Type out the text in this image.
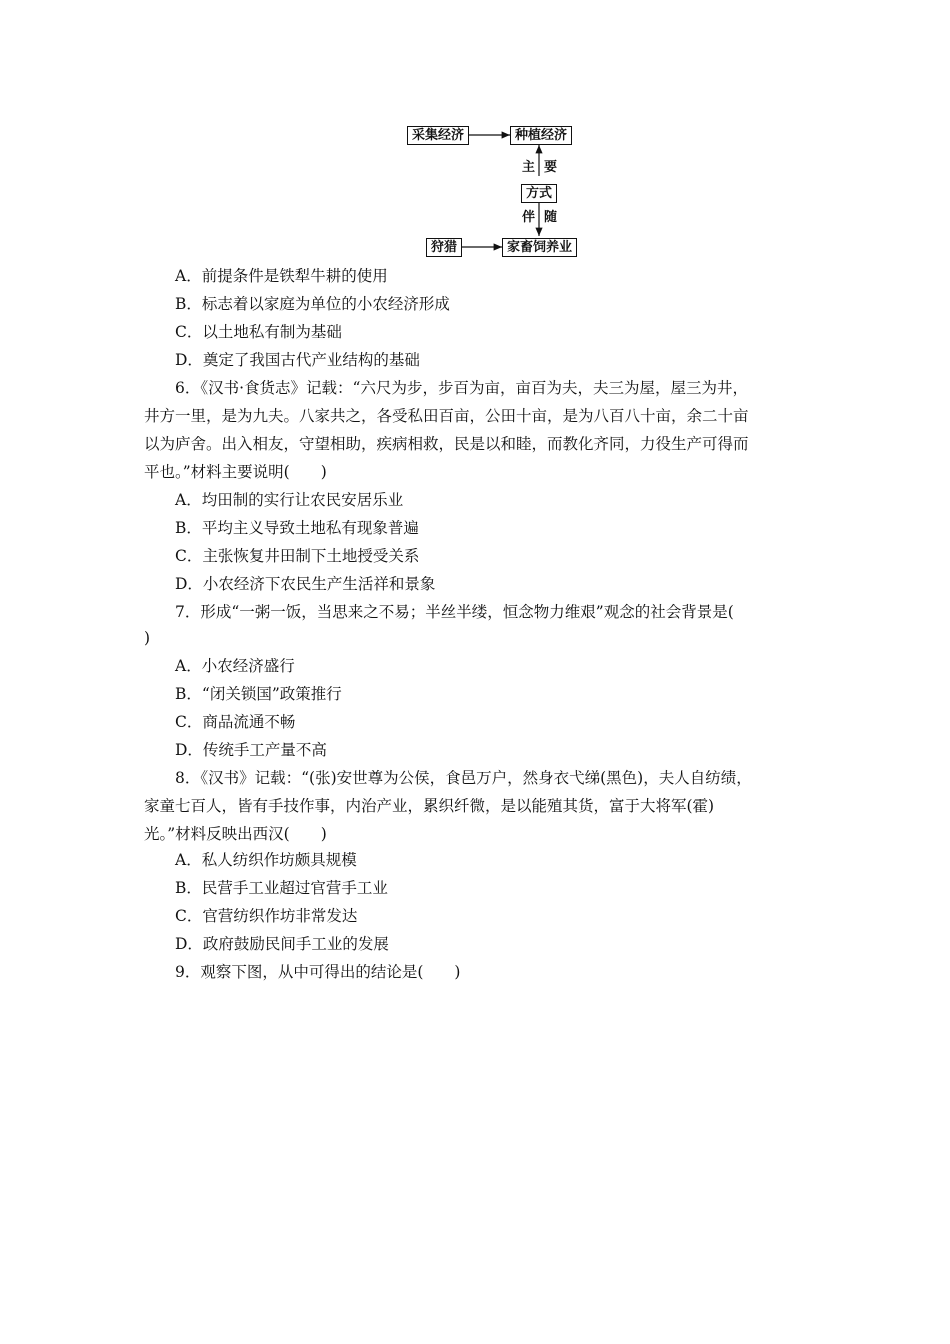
采集经济	种植经济
主 要
方式
伴 随
狩猎	家畜饲养业
A．前提条件是铁犁牛耕的使用
B．标志着以家庭为单位的小农经济形成
C．以土地私有制为基础
D．奠定了我国古代产业结构的基础
6．《汉书·食货志》记载：“六尺为步，步百为亩，亩百为夫，夫三为屋，屋三为井，
井方一里，是为九夫。八家共之，各受私田百亩，公田十亩，是为八百八十亩，余二十亩
以为庐舍。出入相友，守望相助，疾病相救，民是以和睦，而教化齐同，力役生产可得而
平也。”材料主要说明(　　)
A．均田制的实行让农民安居乐业
B．平均主义导致土地私有现象普遍
C．主张恢复井田制下土地授受关系
D．小农经济下农民生产生活祥和景象
7．形成“一粥一饭，当思来之不易；半丝半缕，恒念物力维艰”观念的社会背景是(
)
A．小农经济盛行
B．“闭关锁国”政策推行
C．商品流通不畅
D．传统手工产量不高
8．《汉书》记载：“(张)安世尊为公侯，食邑万户，然身衣弋绨(黑色)，夫人自纺绩，
家童七百人，皆有手技作事，内治产业，累织纤微，是以能殖其货，富于大将军(霍)
光。”材料反映出西汉(　　)
A．私人纺织作坊颇具规模
B．民营手工业超过官营手工业
C．官营纺织作坊非常发达
D．政府鼓励民间手工业的发展
9．观察下图，从中可得出的结论是(　　)
